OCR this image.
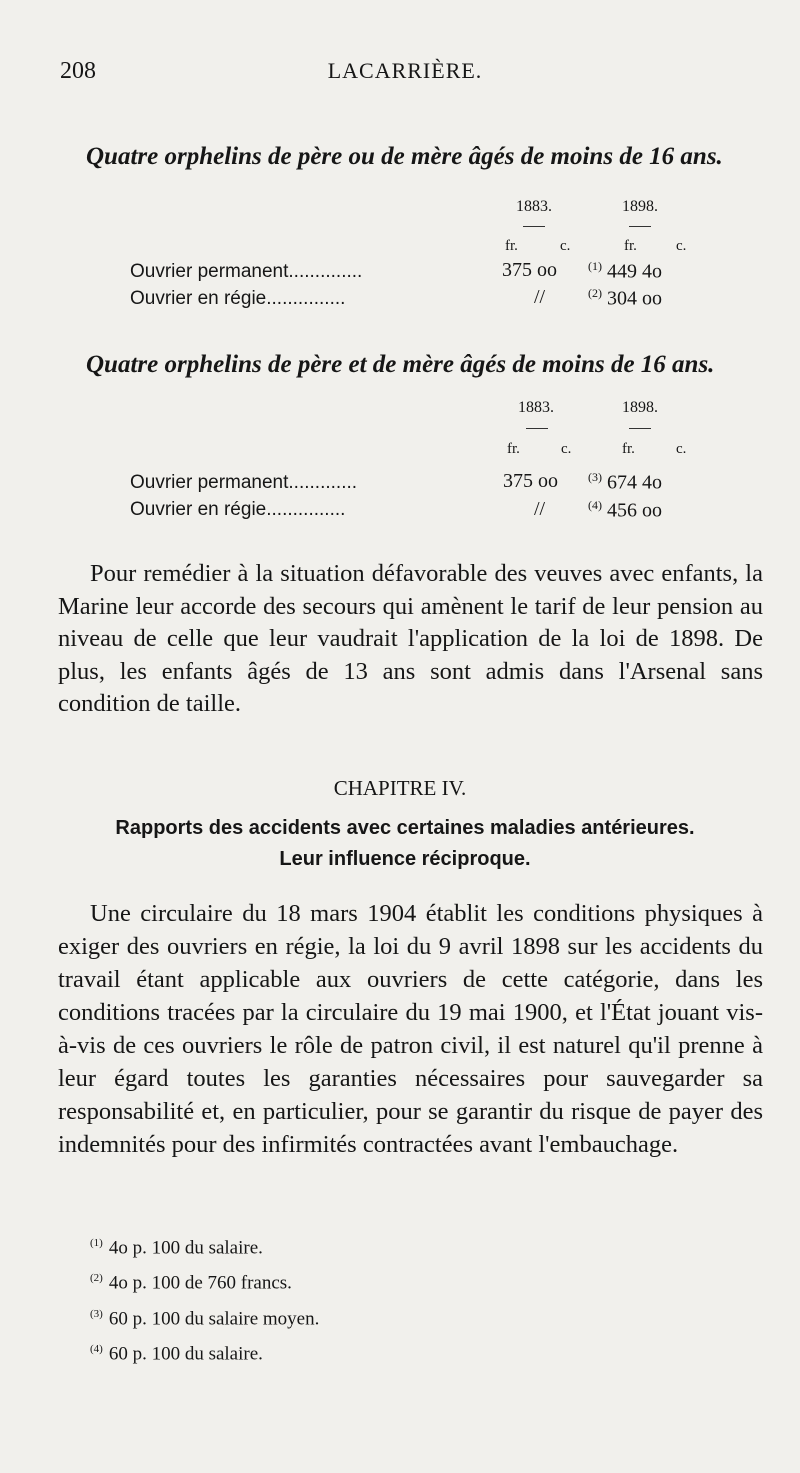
208	LACARRIÈRE.
Quatre orphelins de père ou de mère âgés de moins de 16 ans.
1883.	1898.
fr.	c.	fr.	c.
Ouvrier permanent..............	375 oo	$^{(1)}$ 449 4o
Ouvrier en régie...............	//	$^{(2)}$ 304 oo
Quatre orphelins de père et de mère âgés de moins de 16 ans.
1883.	1898.
fr.	c.	fr.	c.
Ouvrier permanent.............	375 oo	$^{(3)}$ 674 4o
Ouvrier en régie...............	//	$^{(4)}$ 456 oo
Pour remédier à la situation défavorable des veuves avec enfants, la Marine leur accorde des secours qui amènent le tarif de leur pension au niveau de celle que leur vaudrait l'application de la loi de 1898. De plus, les enfants âgés de 13 ans sont admis dans l'Arsenal sans condition de taille.
CHAPITRE IV.
Rapports des accidents avec certaines maladies antérieures.
Leur influence réciproque.
Une circulaire du 18 mars 1904 établit les conditions physiques à exiger des ouvriers en régie, la loi du 9 avril 1898 sur les accidents du travail étant applicable aux ouvriers de cette catégorie, dans les conditions tracées par la circulaire du 19 mai 1900, et l'État jouant vis-à-vis de ces ouvriers le rôle de patron civil, il est naturel qu'il prenne à leur égard toutes les garanties nécessaires pour sauvegarder sa responsabilité et, en particulier, pour se garantir du risque de payer des indemnités pour des infirmités contractées avant l'embauchage.
$^{(1)}$ 4o p. 100 du salaire.
$^{(2)}$ 4o p. 100 de 760 francs.
$^{(3)}$ 60 p. 100 du salaire moyen.
$^{(4)}$ 60 p. 100 du salaire.
